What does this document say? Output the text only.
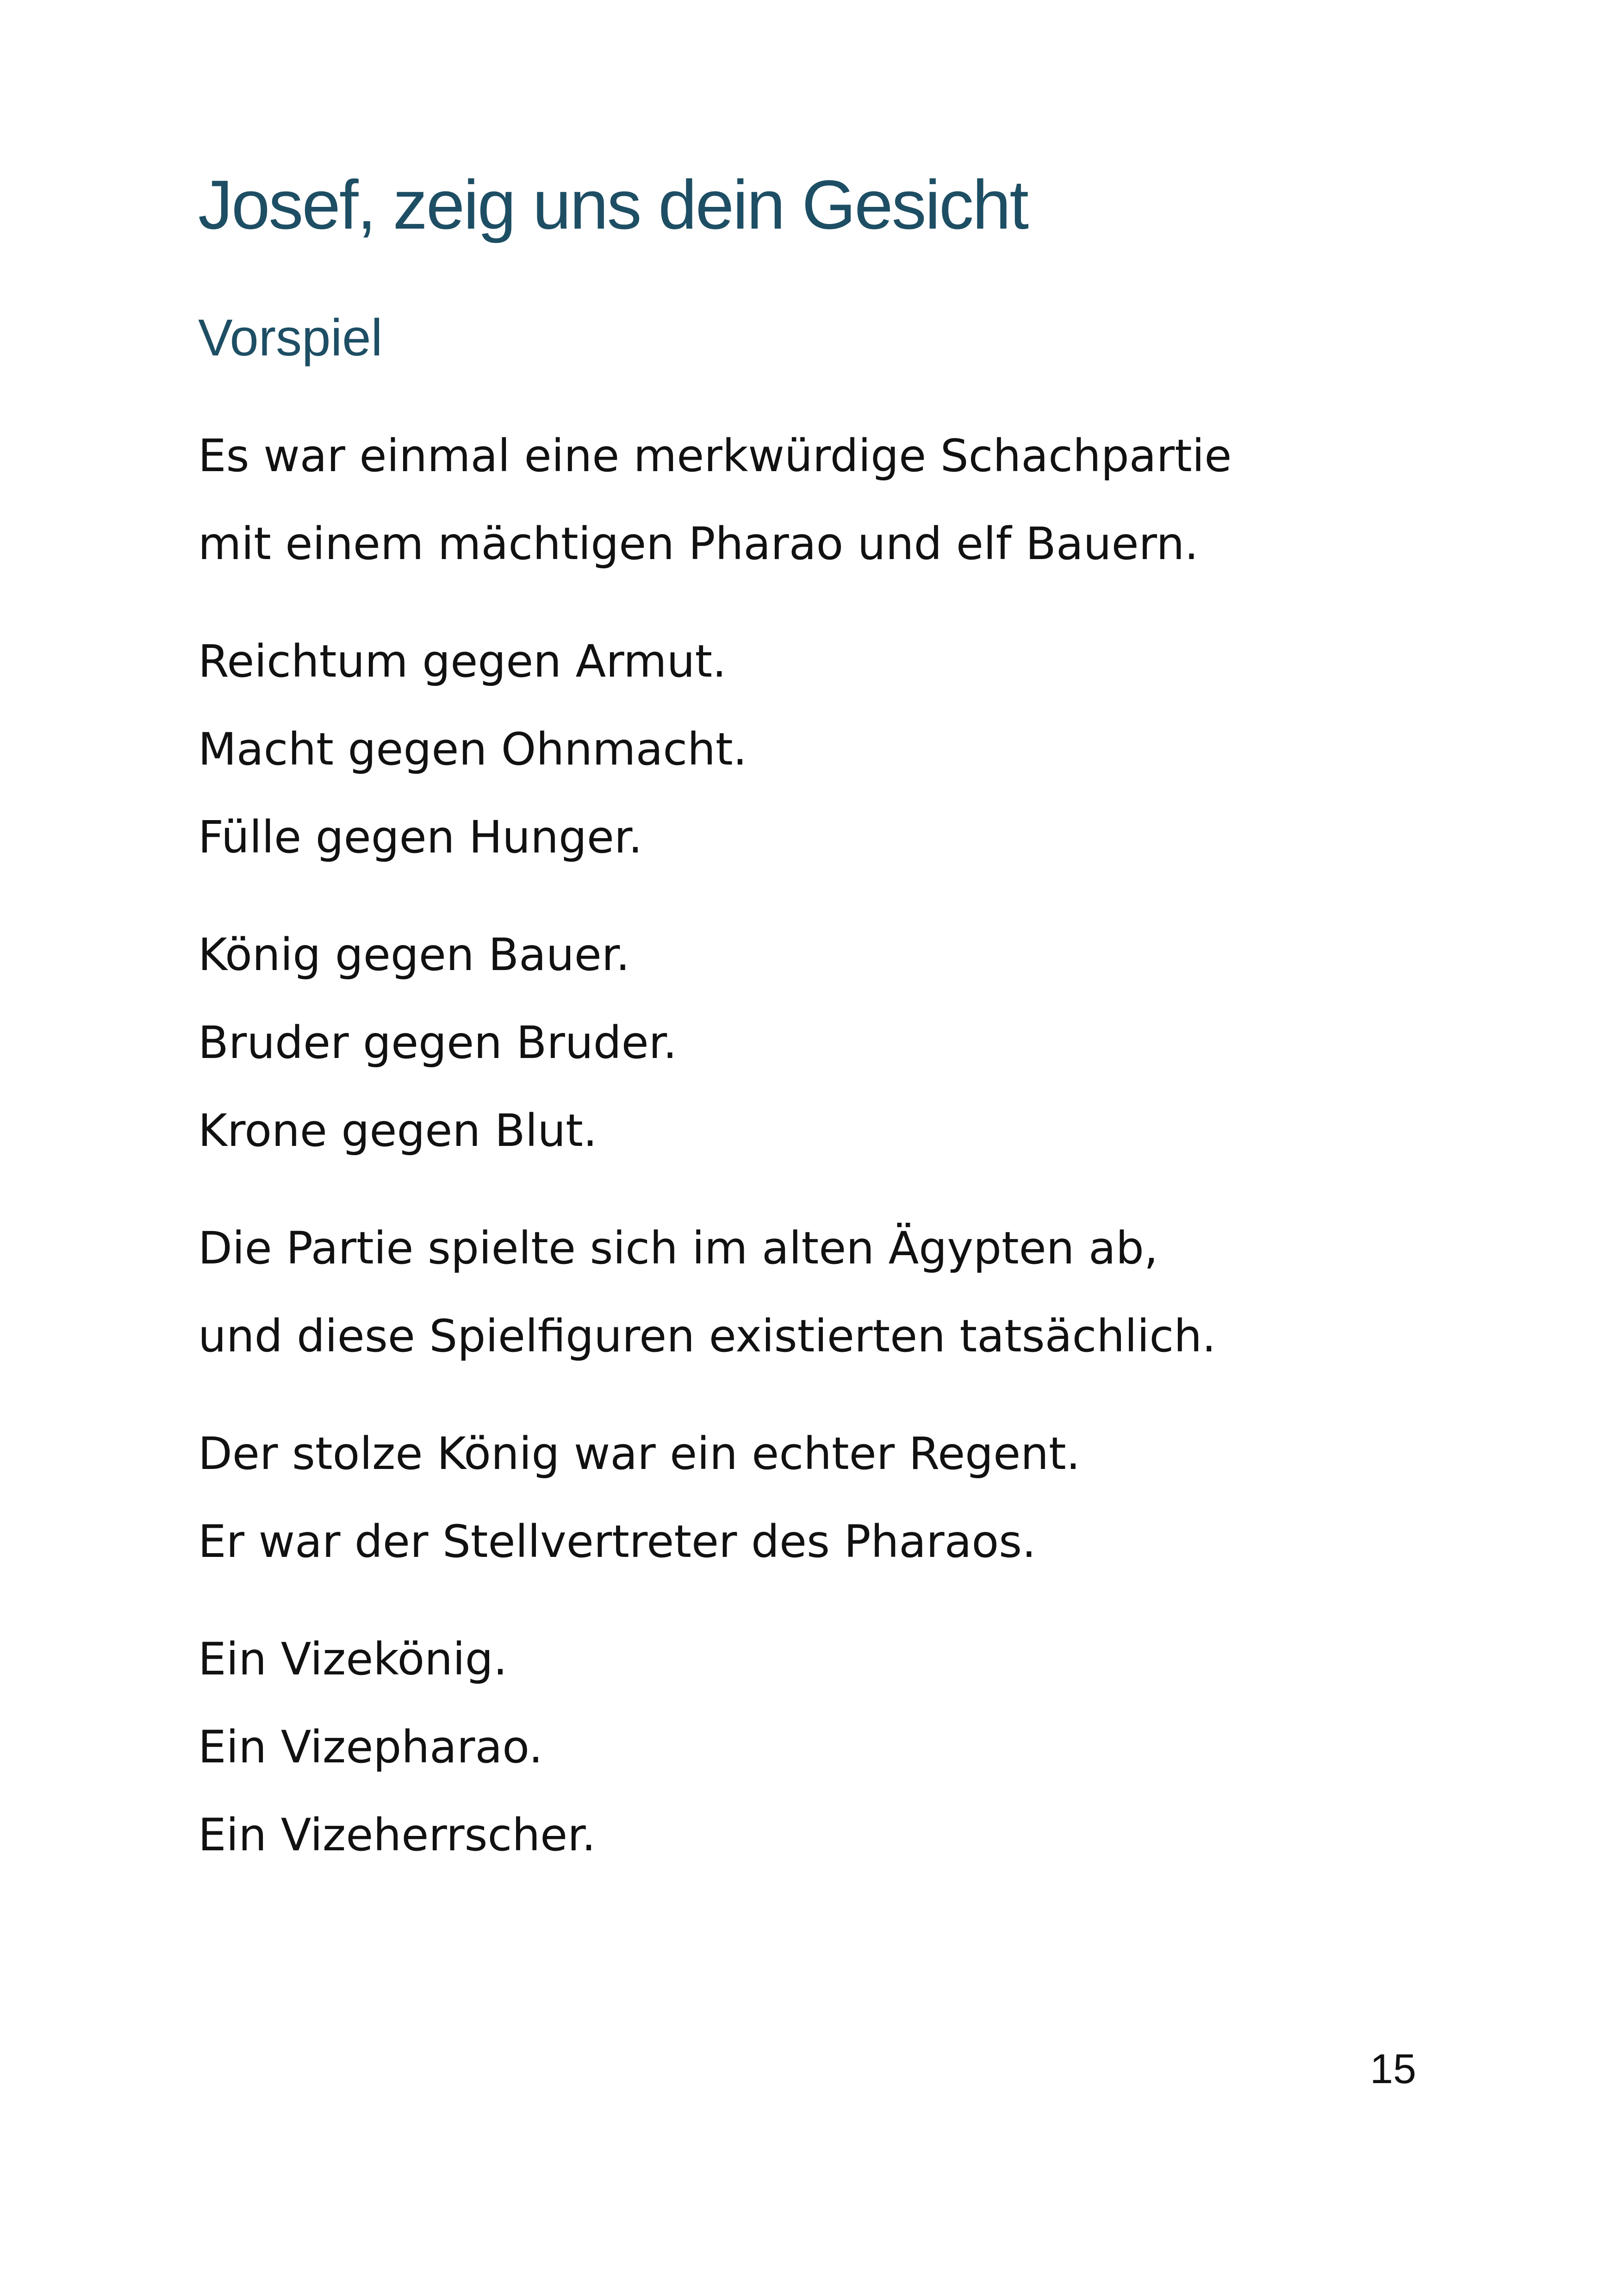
Josef, zeig uns dein Gesicht
Vorspiel
Es war einmal eine merkwürdige Schachpartie
mit einem mächtigen Pharao und elf Bauern.
Reichtum gegen Armut.
Macht gegen Ohnmacht.
Fülle gegen Hunger.
König gegen Bauer.
Bruder gegen Bruder.
Krone gegen Blut.
Die Partie spielte sich im alten Ägypten ab,
und diese Spielfiguren existierten tatsächlich.
Der stolze König war ein echter Regent.
Er war der Stellvertreter des Pharaos.
Ein Vizekönig.
Ein Vizepharao.
Ein Vizeherrscher.
15
